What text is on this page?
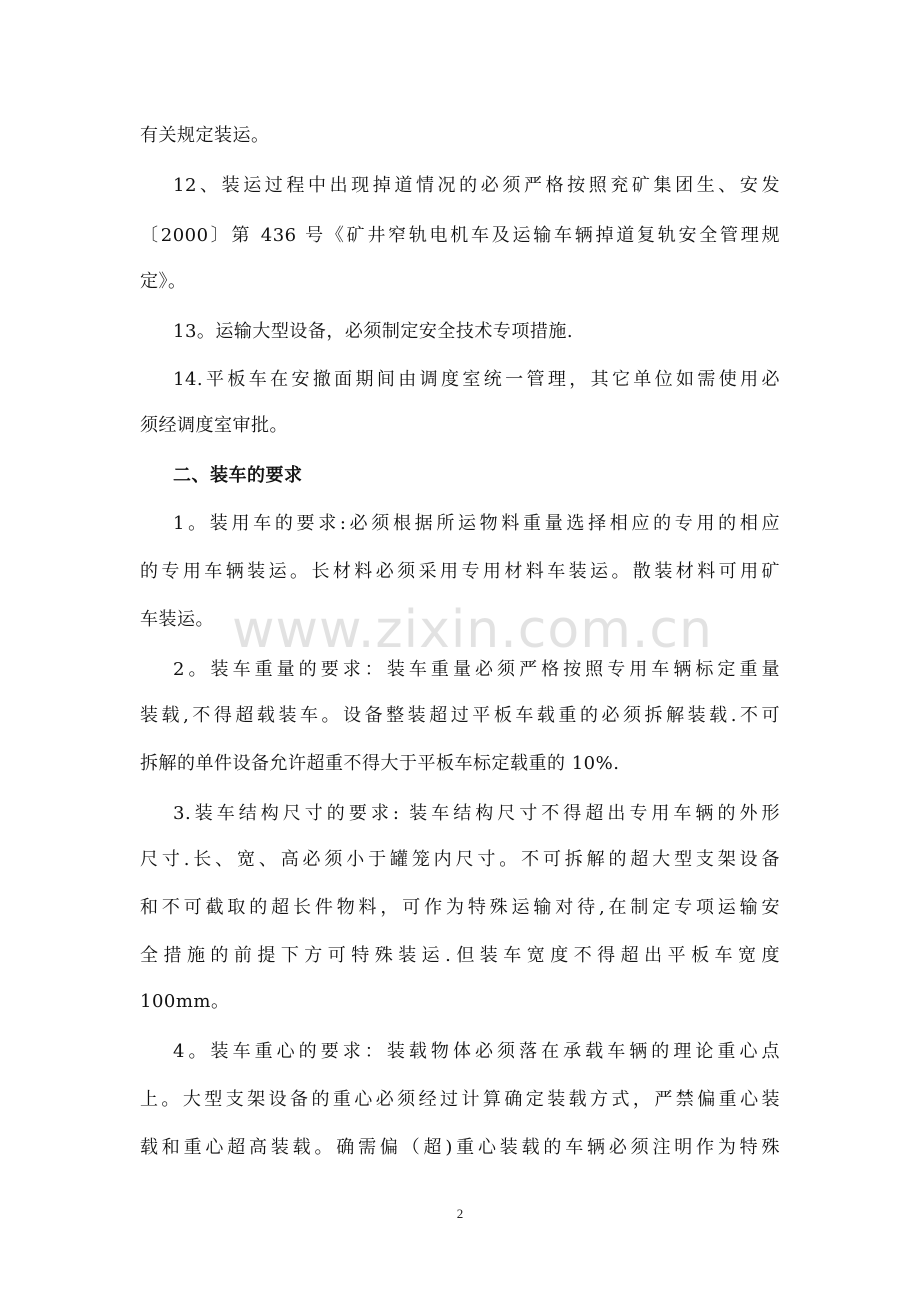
有关规定装运。
12、装运过程中出现掉道情况的必须严格按照兖矿集团生、安发
〔2000〕第 436 号《矿井窄轨电机车及运输车辆掉道复轨安全管理规
定》。
13。运输大型设备，必须制定安全技术专项措施.
14.平板车在安撤面期间由调度室统一管理，其它单位如需使用必
须经调度室审批。
二、装车的要求
1。装用车的要求:必须根据所运物料重量选择相应的专用的相应
的专用车辆装运。长材料必须采用专用材料车装运。散装材料可用矿
车装运。
2。装车重量的要求：装车重量必须严格按照专用车辆标定重量
装载,不得超载装车。设备整装超过平板车载重的必须拆解装载.不可
拆解的单件设备允许超重不得大于平板车标定载重的 10%.
3.装车结构尺寸的要求: 装车结构尺寸不得超出专用车辆的外形
尺寸.长、宽、高必须小于罐笼内尺寸。不可拆解的超大型支架设备
和不可截取的超长件物料，可作为特殊运输对待,在制定专项运输安
全措施的前提下方可特殊装运.但装车宽度不得超出平板车宽度
100mm。
4。装车重心的要求：装载物体必须落在承载车辆的理论重心点
上。大型支架设备的重心必须经过计算确定装载方式，严禁偏重心装
载和重心超高装载。确需偏（超)重心装载的车辆必须注明作为特殊
www.zixin.com.cn
2
